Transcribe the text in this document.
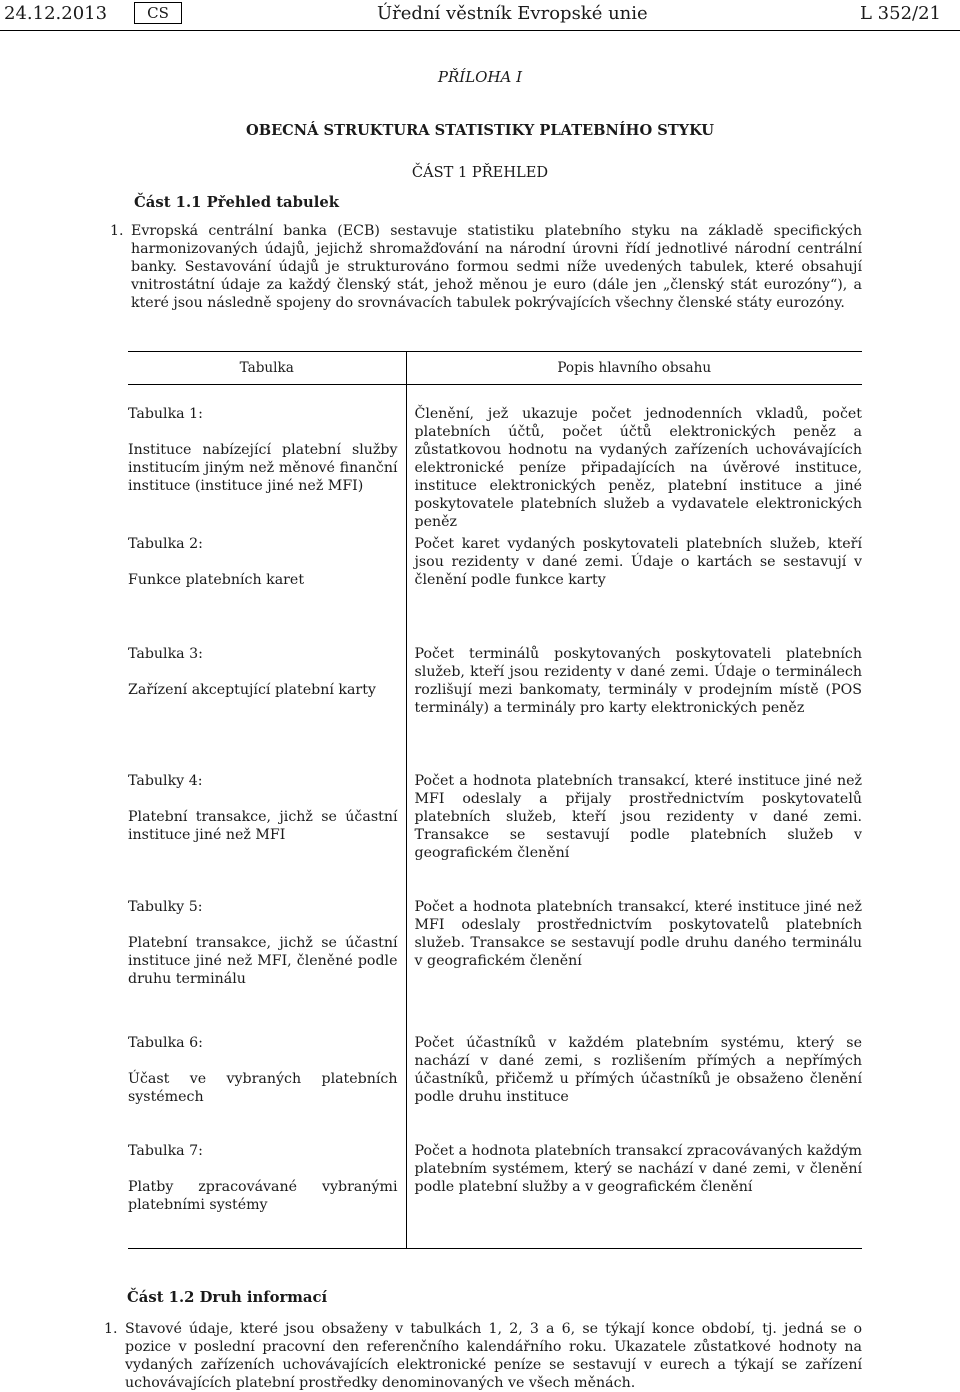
24.12.2013	CS	Úřední věstník Evropské unie	L 352/21
PŘÍLOHA I
OBECNÁ STRUKTURA STATISTIKY PLATEBNÍHO STYKU
ČÁST 1 PŘEHLED
Část 1.1 Přehled tabulek
1. Evropská centrální banka (ECB) sestavuje statistiku platebního styku na základě specifických harmonizovaných údajů, jejichž shromažďování na národní úrovni řídí jednotlivé národní centrální banky. Sestavování údajů je strukturováno formou sedmi níže uvedených tabulek, které obsahují vnitrostátní údaje za každý členský stát, jehož měnou je euro (dále jen „členský stát eurozóny“), a které jsou následně spojeny do srovnávacích tabulek pokrývajících všechny členské státy eurozóny.
Tabulka	Popis hlavního obsahu

Tabulka 1:
Instituce nabízející platební služby institucím jiným než měnové finanční instituce (instituce jiné než MFI)	Členění, jež ukazuje počet jednodenních vkladů, počet platebních účtů, počet účtů elektronických peněz a zůstatkovou hodnotu na vydaných zařízeních uchovávajících elektronické peníze připadajících na úvěrové instituce, instituce elektronických peněz, platební instituce a jiné poskytovatele platebních služeb a vydavatele elektronických peněz

Tabulka 2:
Funkce platebních karet	Počet karet vydaných poskytovateli platebních služeb, kteří jsou rezidenty v dané zemi. Údaje o kartách se sestavují v členění podle funkce karty

Tabulka 3:
Zařízení akceptující platební karty	Počet terminálů poskytovaných poskytovateli platebních služeb, kteří jsou rezidenty v dané zemi. Údaje o terminálech rozlišují mezi bankomaty, terminály v prodejním místě (POS terminály) a terminály pro karty elektronických peněz

Tabulky 4:
Platební transakce, jichž se účastní instituce jiné než MFI	Počet a hodnota platebních transakcí, které instituce jiné než MFI odeslaly a přijaly prostřednictvím poskytovatelů platebních služeb, kteří jsou rezidenty v dané zemi. Transakce se sestavují podle platebních služeb v geografickém členění

Tabulky 5:
Platební transakce, jichž se účastní instituce jiné než MFI, členěné podle druhu terminálu	Počet a hodnota platebních transakcí, které instituce jiné než MFI odeslaly prostřednictvím poskytovatelů platebních služeb. Transakce se sestavují podle druhu daného terminálu v geografickém členění

Tabulka 6:
Účast ve vybraných platebních systémech	Počet účastníků v každém platebním systému, který se nachází v dané zemi, s rozlišením přímých a nepřímých účastníků, přičemž u přímých účastníků je obsaženo členění podle druhu instituce

Tabulka 7:
Platby zpracovávané vybranými platebními systémy	Počet a hodnota platebních transakcí zpracovávaných každým platebním systémem, který se nachází v dané zemi, v členění podle platební služby a v geografickém členění
Část 1.2 Druh informací
1. Stavové údaje, které jsou obsaženy v tabulkách 1, 2, 3 a 6, se týkají konce období, tj. jedná se o pozice v poslední pracovní den referenčního kalendářního roku. Ukazatele zůstatkové hodnoty na vydaných zařízeních uchovávajících elektronické peníze se sestavují v eurech a týkají se zařízení uchovávajících platební prostředky denominovaných ve všech měnách.
